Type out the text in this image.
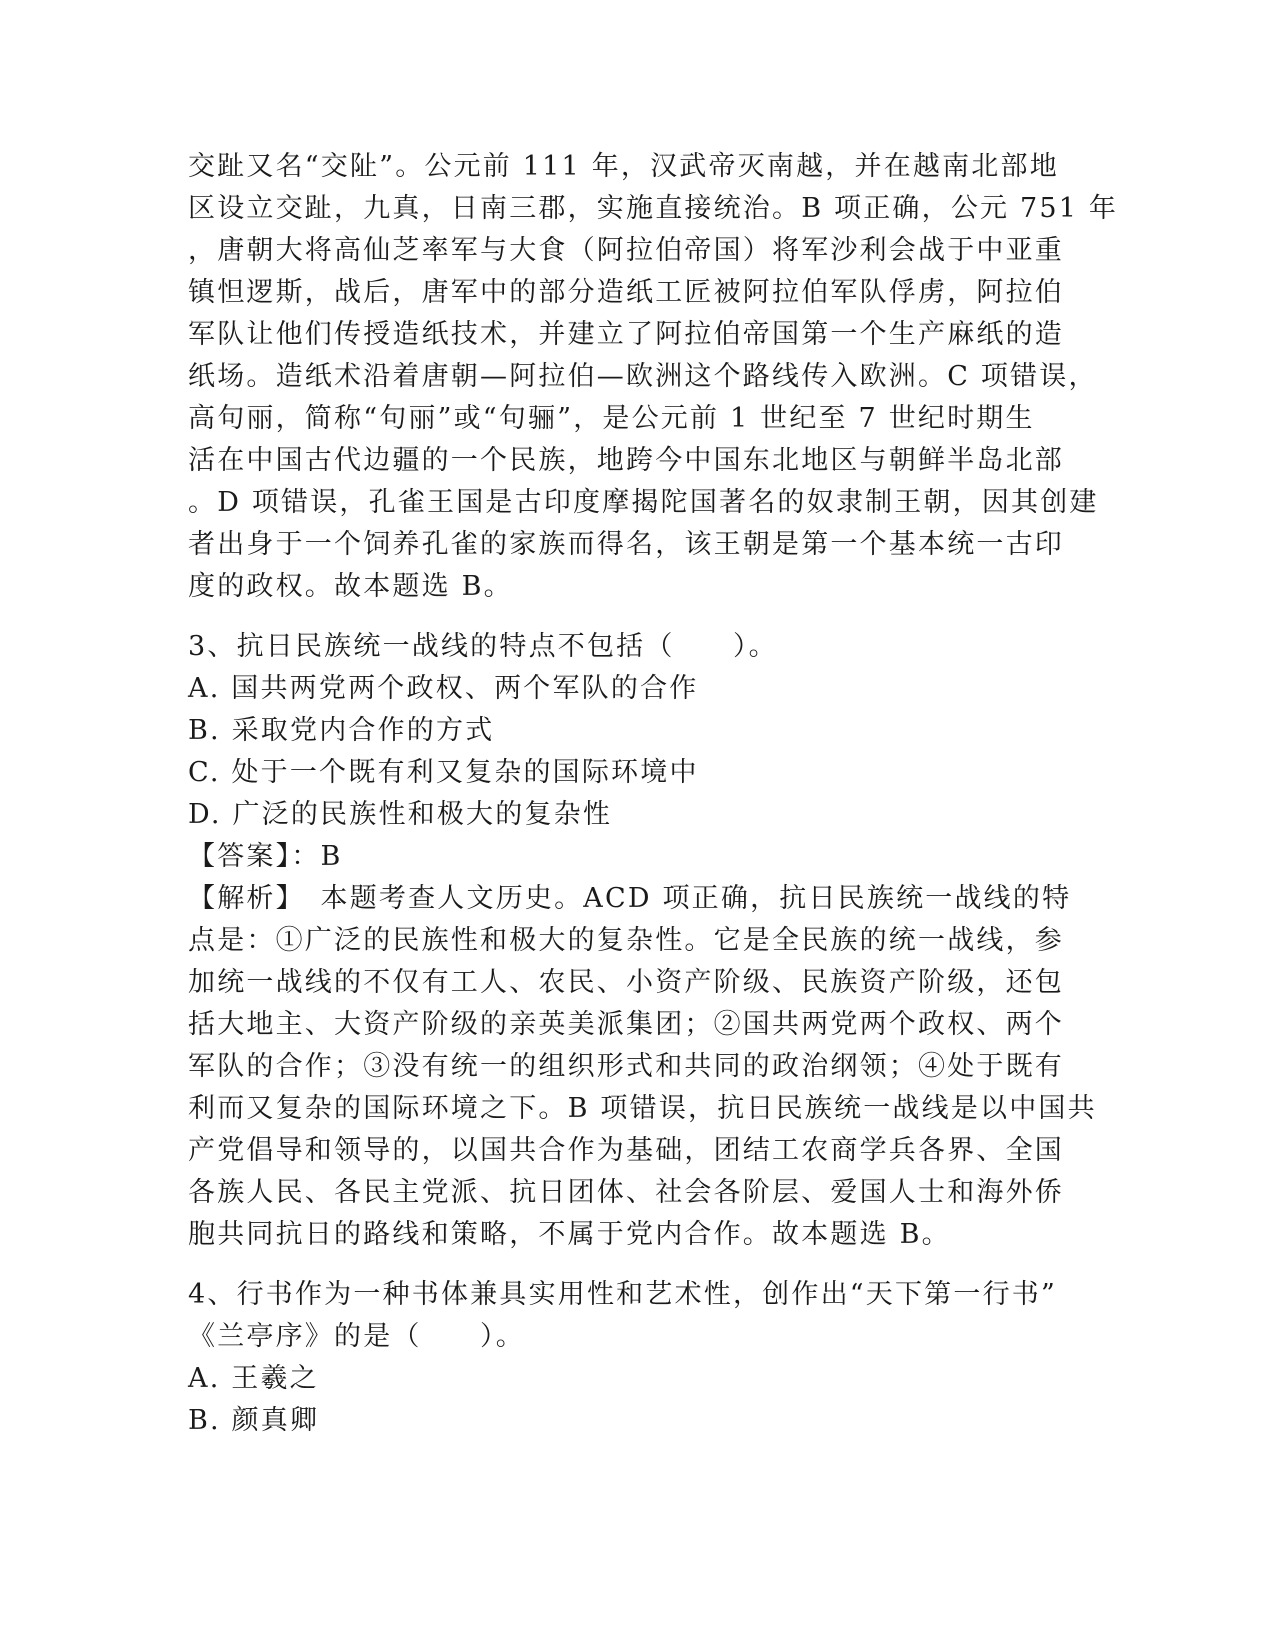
交趾又名“交阯”。公元前 111 年，汉武帝灭南越，并在越南北部地
区设立交趾，九真，日南三郡，实施直接统治。B 项正确，公元 751 年
，唐朝大将高仙芝率军与大食（阿拉伯帝国）将军沙利会战于中亚重
镇怛逻斯，战后，唐军中的部分造纸工匠被阿拉伯军队俘虏，阿拉伯
军队让他们传授造纸技术，并建立了阿拉伯帝国第一个生产麻纸的造
纸场。造纸术沿着唐朝—阿拉伯—欧洲这个路线传入欧洲。C 项错误，
高句丽，简称“句丽”或“句骊”，是公元前 1 世纪至 7 世纪时期生
活在中国古代边疆的一个民族，地跨今中国东北地区与朝鲜半岛北部
。D 项错误，孔雀王国是古印度摩揭陀国著名的奴隶制王朝，因其创建
者出身于一个饲养孔雀的家族而得名，该王朝是第一个基本统一古印
度的政权。故本题选 B。
3、抗日民族统一战线的特点不包括（　　）。
A. 国共两党两个政权、两个军队的合作
B. 采取党内合作的方式
C. 处于一个既有利又复杂的国际环境中
D. 广泛的民族性和极大的复杂性
【答案】：B
【解析】　本题考查人文历史。ACD 项正确，抗日民族统一战线的特
点是：①广泛的民族性和极大的复杂性。它是全民族的统一战线，参
加统一战线的不仅有工人、农民、小资产阶级、民族资产阶级，还包
括大地主、大资产阶级的亲英美派集团；②国共两党两个政权、两个
军队的合作；③没有统一的组织形式和共同的政治纲领；④处于既有
利而又复杂的国际环境之下。B 项错误，抗日民族统一战线是以中国共
产党倡导和领导的，以国共合作为基础，团结工农商学兵各界、全国
各族人民、各民主党派、抗日团体、社会各阶层、爱国人士和海外侨
胞共同抗日的路线和策略，不属于党内合作。故本题选 B。
4、行书作为一种书体兼具实用性和艺术性，创作出“天下第一行书”
《兰亭序》的是（　　）。
A. 王羲之
B. 颜真卿
